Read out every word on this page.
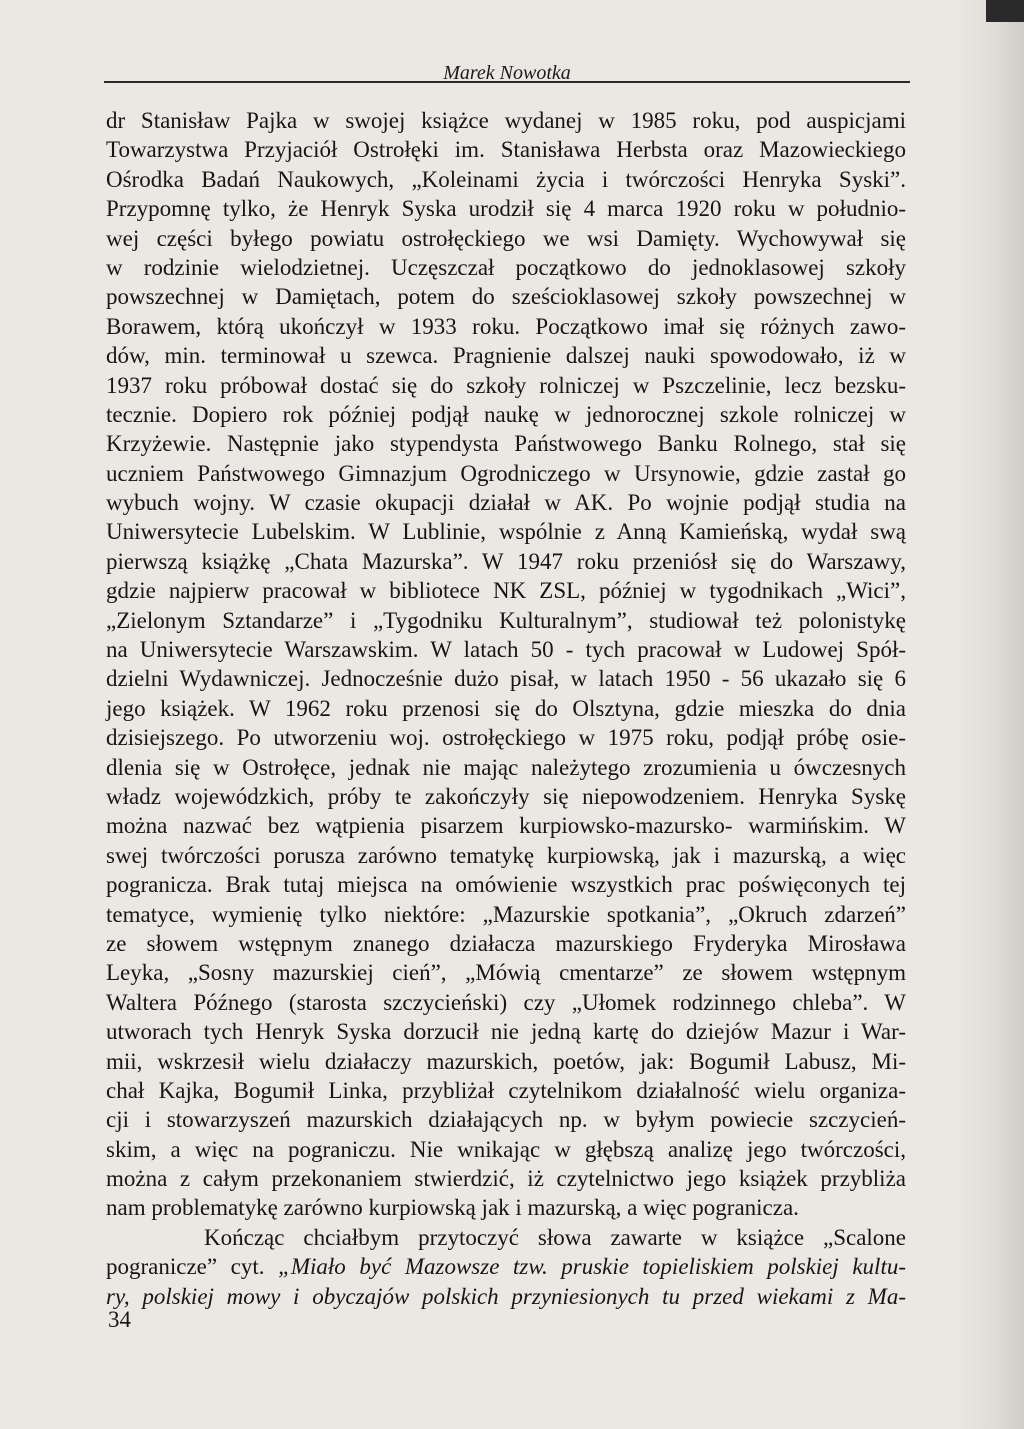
Marek Nowotka
dr Stanisław Pajka w swojej książce wydanej w 1985 roku, pod auspicjami
Towarzystwa Przyjaciół Ostrołęki im. Stanisława Herbsta oraz Mazowieckiego
Ośrodka Badań Naukowych, „Koleinami życia i twórczości Henryka Syski”.
Przypomnę tylko, że Henryk Syska urodził się 4 marca 1920 roku w południo-
wej części byłego powiatu ostrołęckiego we wsi Damięty. Wychowywał się
w rodzinie wielodzietnej. Uczęszczał początkowo do jednoklasowej szkoły
powszechnej w Damiętach, potem do sześcioklasowej szkoły powszechnej w
Borawem, którą ukończył w 1933 roku. Początkowo imał się różnych zawo-
dów, min. terminował u szewca. Pragnienie dalszej nauki spowodowało, iż w
1937 roku próbował dostać się do szkoły rolniczej w Pszczelinie, lecz bezsku-
tecznie. Dopiero rok później podjął naukę w jednorocznej szkole rolniczej w
Krzyżewie. Następnie jako stypendysta Państwowego Banku Rolnego, stał się
uczniem Państwowego Gimnazjum Ogrodniczego w Ursynowie, gdzie zastał go
wybuch wojny. W czasie okupacji działał w AK. Po wojnie podjął studia na
Uniwersytecie Lubelskim. W Lublinie, wspólnie z Anną Kamieńską, wydał swą
pierwszą książkę „Chata Mazurska”. W 1947 roku przeniósł się do Warszawy,
gdzie najpierw pracował w bibliotece NK ZSL, później w tygodnikach „Wici”,
„Zielonym Sztandarze” i „Tygodniku Kulturalnym”, studiował też polonistykę
na Uniwersytecie Warszawskim. W latach 50 - tych pracował w Ludowej Spół-
dzielni Wydawniczej. Jednocześnie dużo pisał, w latach 1950 - 56 ukazało się 6
jego książek. W 1962 roku przenosi się do Olsztyna, gdzie mieszka do dnia
dzisiejszego. Po utworzeniu woj. ostrołęckiego w 1975 roku, podjął próbę osie-
dlenia się w Ostrołęce, jednak nie mając należytego zrozumienia u ówczesnych
władz wojewódzkich, próby te zakończyły się niepowodzeniem. Henryka Syskę
można nazwać bez wątpienia pisarzem kurpiowsko-mazursko- warmińskim. W
swej twórczości porusza zarówno tematykę kurpiowską, jak i mazurską, a więc
pogranicza. Brak tutaj miejsca na omówienie wszystkich prac poświęconych tej
tematyce, wymienię tylko niektóre: „Mazurskie spotkania”, „Okruch zdarzeń”
ze słowem wstępnym znanego działacza mazurskiego Fryderyka Mirosława
Leyka, „Sosny mazurskiej cień”, „Mówią cmentarze” ze słowem wstępnym
Waltera Późnego (starosta szczycieński) czy „Ułomek rodzinnego chleba”. W
utworach tych Henryk Syska dorzucił nie jedną kartę do dziejów Mazur i War-
mii, wskrzesił wielu działaczy mazurskich, poetów, jak: Bogumił Labusz, Mi-
chał Kajka, Bogumił Linka, przybliżał czytelnikom działalność wielu organiza-
cji i stowarzyszeń mazurskich działających np. w byłym powiecie szczycień-
skim, a więc na pograniczu. Nie wnikając w głębszą analizę jego twórczości,
można z całym przekonaniem stwierdzić, iż czytelnictwo jego książek przybliża
nam problematykę zarówno kurpiowską jak i mazurską, a więc pogranicza.
Kończąc chciałbym przytoczyć słowa zawarte w książce „Scalone
pogranicze” cyt. „Miało być Mazowsze tzw. pruskie topieliskiem polskiej kultu-
ry, polskiej mowy i obyczajów polskich przyniesionych tu przed wiekami z Ma-
34
